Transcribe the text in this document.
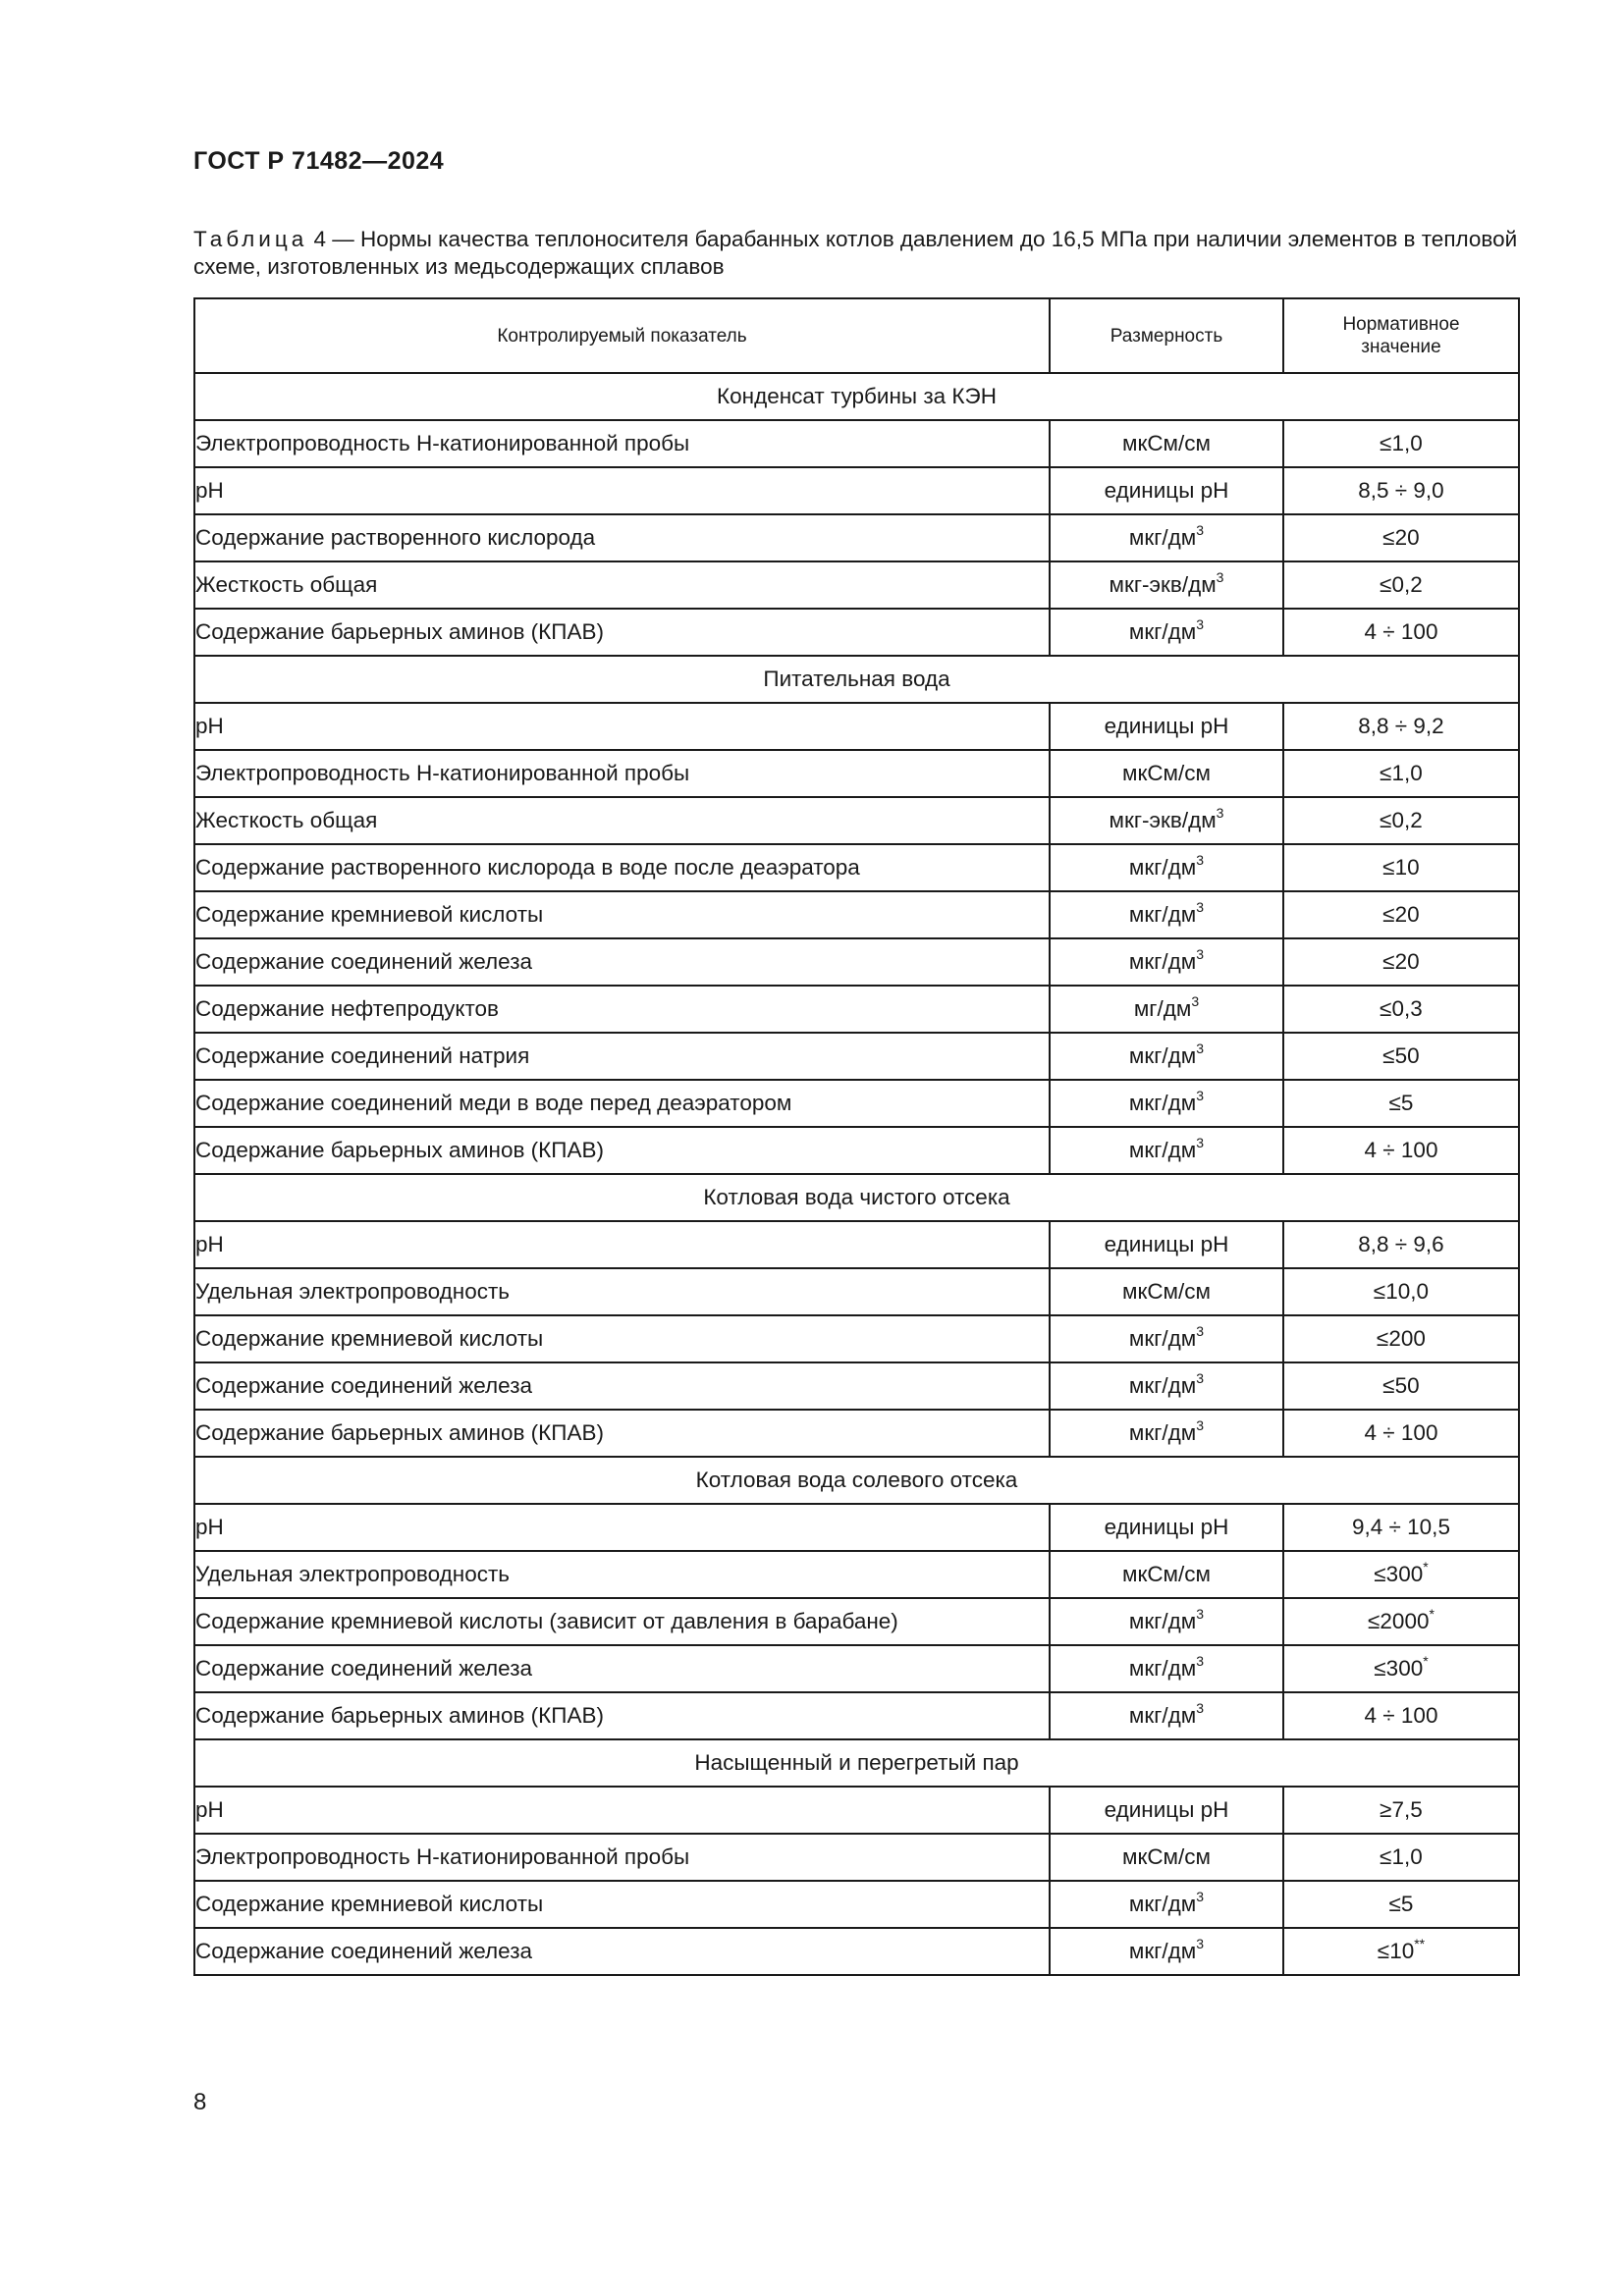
ГОСТ Р 71482—2024
Таблица 4 — Нормы качества теплоносителя барабанных котлов давлением до 16,5 МПа при наличии элементов в тепловой схеме, изготовленных из медьсодержащих сплавов
Контролируемый показатель	Размерность	Нормативное
значение
Конденсат турбины за КЭН		
Электропроводность Н-катионированной пробы	мкСм/см	≤1,0
pH	единицы рН	8,5 ÷ 9,0
Содержание растворенного кислорода	мкг/$дм^3$	≤20
Жесткость общая	мкг-$экв/дм^3$	≤0,2
Содержание барьерных аминов (КПАВ)	мкг/$дм^3$	4 ÷ 100
Питательная вода		
pH	единицы рН	8,8 ÷ 9,2
Электропроводность Н-катионированной пробы	мкСм/см	≤1,0
Жесткость общая	мкг-$экв/дм^3$	≤0,2
Содержание растворенного кислорода в воде после деаэратора	мкг/$дм^3$	≤10
Содержание кремниевой кислоты	мкг/$дм^3$	≤20
Содержание соединений железа	мкг/$дм^3$	≤20
Содержание нефтепродуктов	$мг/дм^3$	≤0,3
Содержание соединений натрия	мкг/$дм^3$	≤50
Содержание соединений меди в воде перед деаэратором	мкг/$дм^3$	≤5
Содержание барьерных аминов (КПАВ)	мкг/$дм^3$	4 ÷ 100
Котловая вода чистого отсека		
pH	единицы рН	8,8 ÷ 9,6
Удельная электропроводность	мкСм/см	≤10,0
Содержание кремниевой кислоты	мкг/$дм^3$	≤200
Содержание соединений железа	мкг/$дм^3$	≤50
Содержание барьерных аминов (КПАВ)	мкг/$дм^3$	4 ÷ 100
Котловая вода солевого отсека		
pH	единицы рН	9,4 ÷ 10,5
Удельная электропроводность	мкСм/см	≤300*
Содержание кремниевой кислоты (зависит от давления в барабане)	мкг/$дм^3$	≤2000*
Содержание соединений железа	мкг/$дм^3$	≤300*
Содержание барьерных аминов (КПАВ)	мкг/$дм^3$	4 ÷ 100
Насыщенный и перегретый пар		
pH	единицы рН	≥7,5
Электропроводность Н-катионированной пробы	мкСм/см	≤1,0
Содержание кремниевой кислоты	мкг/$дм^3$	≤5
Содержание соединений железа	мкг/$дм^3$	≤10**
8
